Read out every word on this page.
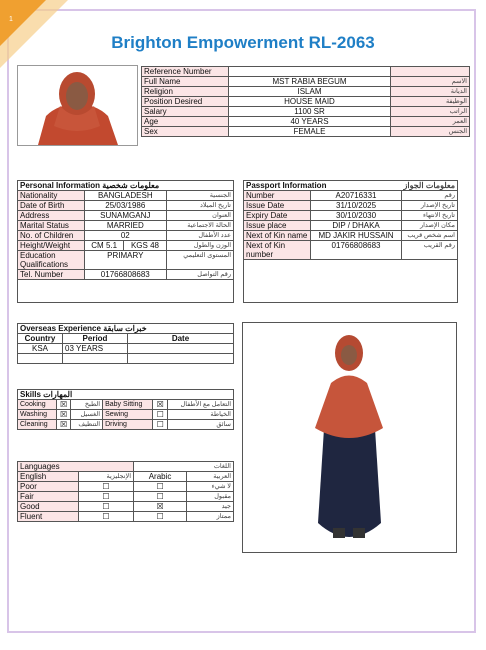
1
Brighton Empowerment RL-2063
Reference Number		
Full Name	MST RABIA BEGUM	الاسم
Religion	ISLAM	الديانة
Position Desired	HOUSE MAID	الوظيفة
Salary	1100 SR	الراتب
Age	40 YEARS	العمر
Sex	FEMALE	الجنس
Personal Information معلومات شخصية			
Nationality	BANGLADESH		الجنسية
Date of Birth	25/03/1986		تاريخ الميلاد
Address	SUNAMGANJ		العنوان
Marital Status	MARRIED		الحالة الاجتماعية
No. of Children	02		عدد الأطفال
Height/Weight	CM 5.1	KGS 48	الوزن والطول
Education Qualifications	PRIMARY		المستوى التعليمي
Tel. Number	01766808683		رقم التواصل
Passport Information		معلومات الجواز
Number	A20716331	رقم
Issue Date	31/10/2025	تاريخ الإصدار
Expiry Date	30/10/2030	تاريخ الانتهاء
Issue place	DIP / DHAKA	مكان الإصدار
Next of Kin name	MD JAKIR HUSSAIN	اسم شخص قريب
Next of Kin number	01766808683	رقم القريب
Overseas Experience خبرات سابقة		
Country	Period	Date
KSA	03 YEARS	

Skills المهارات					
Cooking	☒	الطبخ	Baby Sitting	☒	التعامل مع الأطفال
Washing	☒	الغسيل	Sewing	☐	الخياطة
Cleaning	☒	التنظيف	Driving	☐	سائق
Languages		اللغات	
English	الإنجليزية	Arabic	العربية
Poor	☐	☐	لا شيء
Fair	☐	☐	مقبول
Good	☐	☒	جيد
Fluent	☐	☐	ممتاز
